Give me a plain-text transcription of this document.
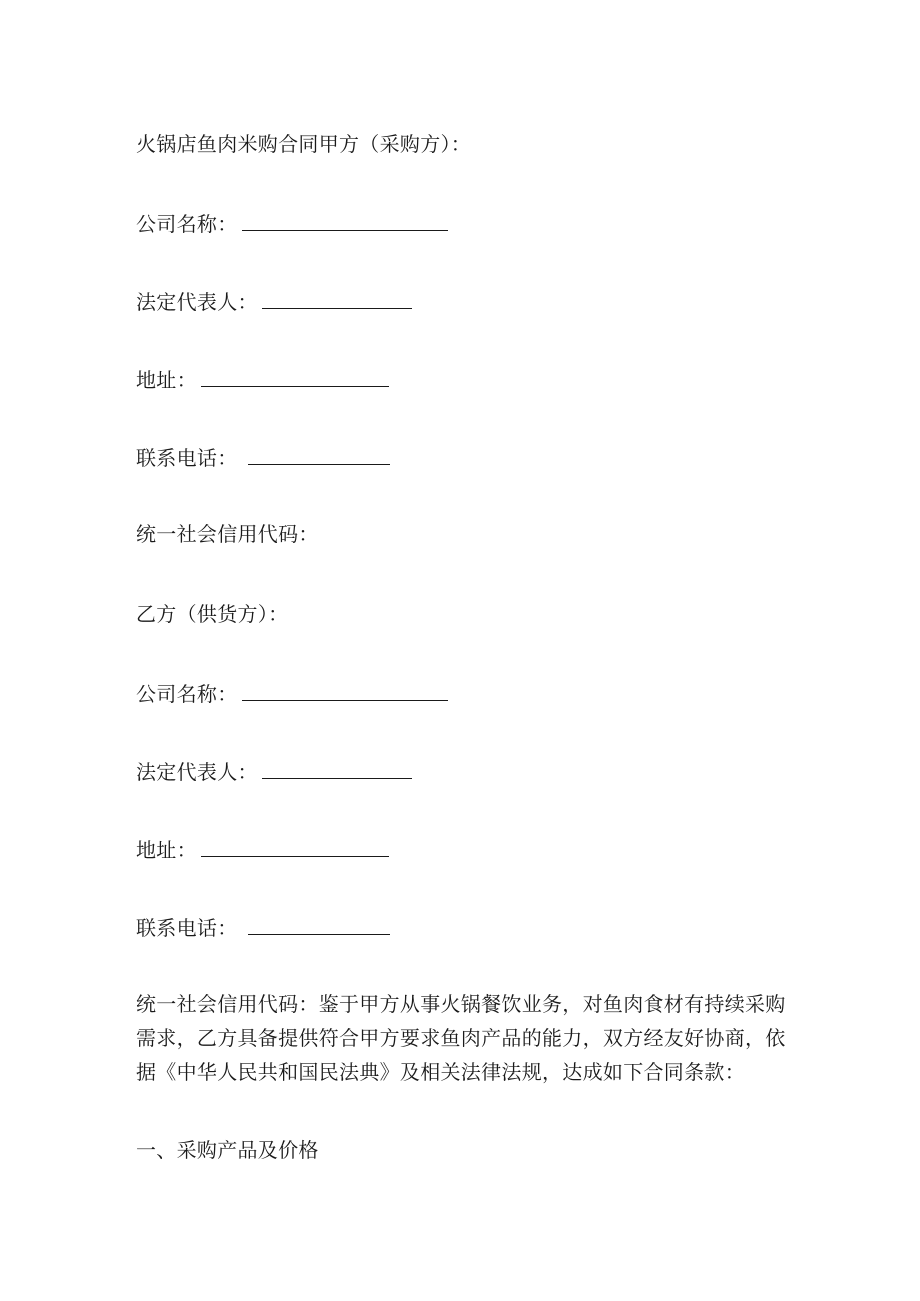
火锅店鱼肉米购合同甲方（采购方）：
公司名称：
法定代表人：
地址：
联系电话：
统一社会信用代码：
乙方（供货方）：
公司名称：
法定代表人：
地址：
联系电话：
统一社会信用代码：鉴于甲方从事火锅餐饮业务，对鱼肉食材有持续采购需求，乙方具备提供符合甲方要求鱼肉产品的能力，双方经友好协商，依据《中华人民共和国民法典》及相关法律法规，达成如下合同条款：
一、采购产品及价格
